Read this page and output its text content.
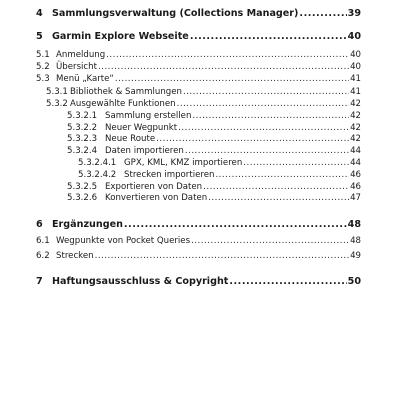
4 Sammlungsverwaltung (Collections Manager) .....	39
5 Garmin Explore Webseite .....	40
5.1 Anmeldung .....	40
5.2 Übersicht .....	40
5.3 Menü „Karte“ .....	41
5.3.1 Bibliothek & Sammlungen .....	41
5.3.2 Ausgewählte Funktionen .....	42
5.3.2.1 Sammlung erstellen .....	42
5.3.2.2 Neuer Wegpunkt .....	42
5.3.2.3 Neue Route .....	42
5.3.2.4 Daten importieren .....	44
5.3.2.4.1 GPX, KML, KMZ importieren .....	44
5.3.2.4.2 Strecken importieren .....	46
5.3.2.5 Exportieren von Daten .....	46
5.3.2.6 Konvertieren von Daten .....	47
6 Ergänzungen .....	48
6.1 Wegpunkte von Pocket Queries .....	48
6.2 Strecken .....	49
7 Haftungsausschluss & Copyright .....	50
